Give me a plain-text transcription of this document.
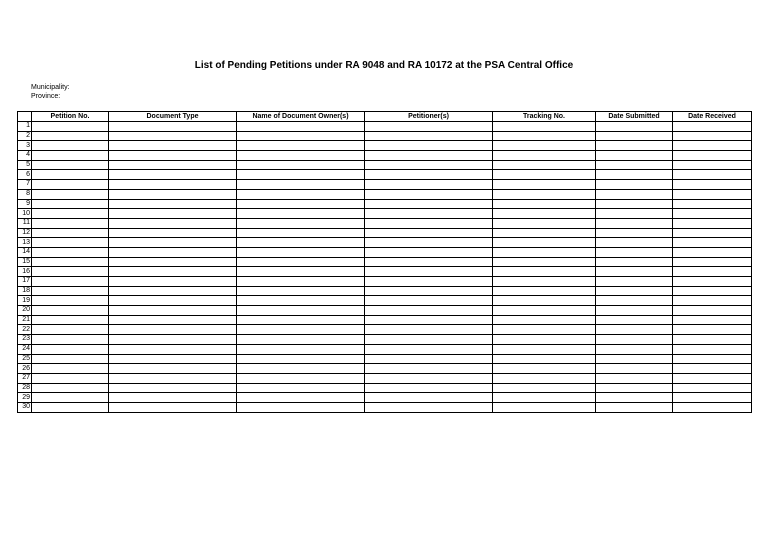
List of Pending Petitions under RA 9048 and RA 10172 at the PSA Central Office
Municipality:
Province:
	Petition No.	Document Type	Name of Document Owner(s)	Petitioner(s)	Tracking No.	Date Submitted	Date Received
1							
2							
3							
4							
5							
6							
7							
8							
9							
10							
11							
12							
13							
14							
15							
16							
17							
18							
19							
20							
21							
22							
23							
24							
25							
26							
27							
28							
29							
30							
